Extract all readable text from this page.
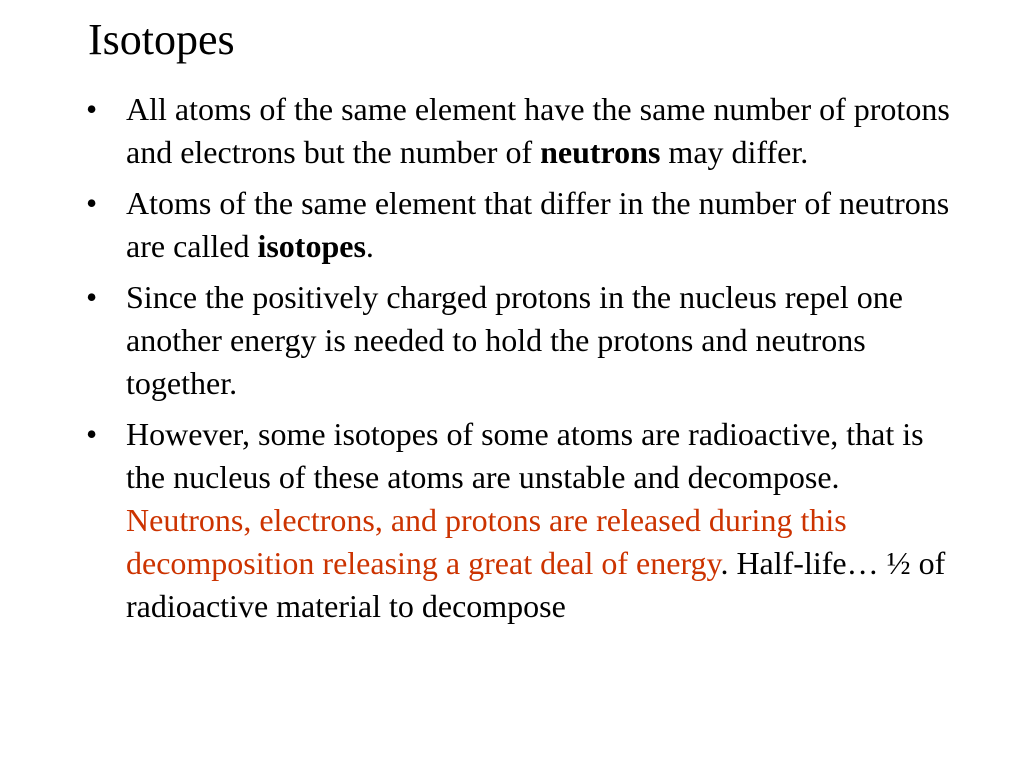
Isotopes
• All atoms of the same element have the same number of protons and electrons but the number of neutrons may differ.
• Atoms of the same element that differ in the number of neutrons are called isotopes.
• Since the positively charged protons in the nucleus repel one another energy is needed to hold the protons and neutrons together.
• However, some isotopes of some atoms are radioactive, that is the nucleus of these atoms are unstable and decompose. Neutrons, electrons, and protons are released during this decomposition releasing a great deal of energy. Half-life… ½ of radioactive material to decompose
